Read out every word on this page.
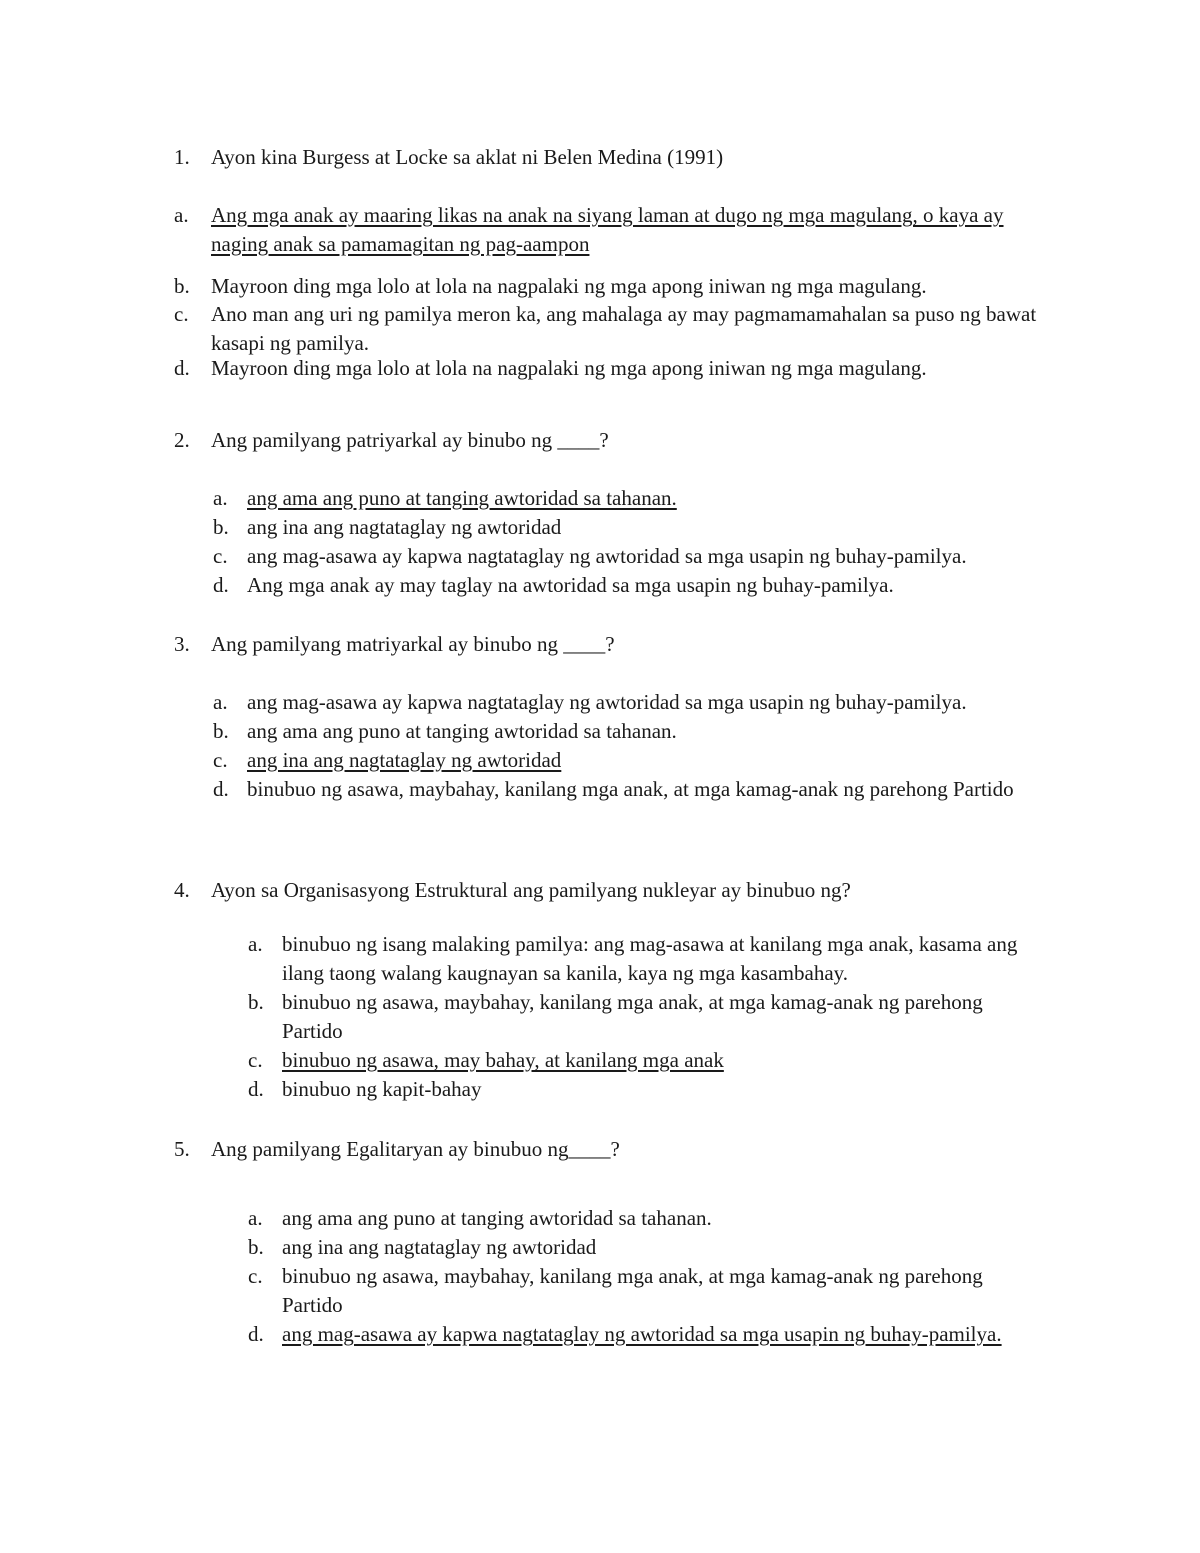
1. Ayon kina Burgess at Locke sa aklat ni Belen Medina (1991)
a. Ang mga anak ay maaring likas na anak na siyang laman at dugo ng mga magulang, o kaya ay naging anak sa pamamagitan ng pag-aampon
b. Mayroon ding mga lolo at lola na nagpalaki ng mga apong iniwan ng mga magulang.
c. Ano man ang uri ng pamilya meron ka, ang mahalaga ay may pagmamamahalan sa puso ng bawat kasapi ng pamilya.
d. Mayroon ding mga lolo at lola na nagpalaki ng mga apong iniwan ng mga magulang.
2. Ang pamilyang patriyarkal ay binubo ng ____?
a. ang ama ang puno at tanging awtoridad sa tahanan.
b. ang ina ang nagtataglay ng awtoridad
c. ang mag-asawa ay kapwa nagtataglay ng awtoridad sa mga usapin ng buhay-pamilya.
d. Ang mga anak ay may taglay na awtoridad sa mga usapin ng buhay-pamilya.
3. Ang pamilyang matriyarkal ay binubo ng ____?
a. ang mag-asawa ay kapwa nagtataglay ng awtoridad sa mga usapin ng buhay-pamilya.
b. ang ama ang puno at tanging awtoridad sa tahanan.
c. ang ina ang nagtataglay ng awtoridad
d. binubuo ng asawa, maybahay, kanilang mga anak, at mga kamag-anak ng parehong Partido
4. Ayon sa Organisasyong Estruktural ang pamilyang nukleyar ay binubuo ng?
a. binubuo ng isang malaking pamilya: ang mag-asawa at kanilang mga anak, kasama ang ilang taong walang kaugnayan sa kanila, kaya ng mga kasambahay.
b. binubuo ng asawa, maybahay, kanilang mga anak, at mga kamag-anak ng parehong Partido
c. binubuo ng asawa, may bahay, at kanilang mga anak
d. binubuo ng kapit-bahay
5. Ang pamilyang Egalitaryan ay binubuo ng____?
a. ang ama ang puno at tanging awtoridad sa tahanan.
b. ang ina ang nagtataglay ng awtoridad
c. binubuo ng asawa, maybahay, kanilang mga anak, at mga kamag-anak ng parehong Partido
d. ang mag-asawa ay kapwa nagtataglay ng awtoridad sa mga usapin ng buhay-pamilya.
